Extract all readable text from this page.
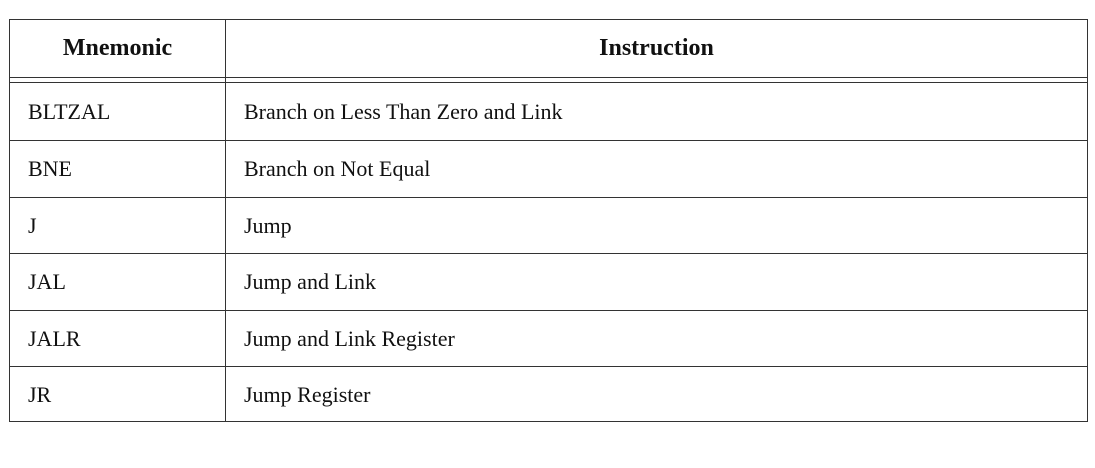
Mnemonic	Instruction
BLTZAL	Branch on Less Than Zero and Link
BNE	Branch on Not Equal
J	Jump
JAL	Jump and Link
JALR	Jump and Link Register
JR	Jump Register
